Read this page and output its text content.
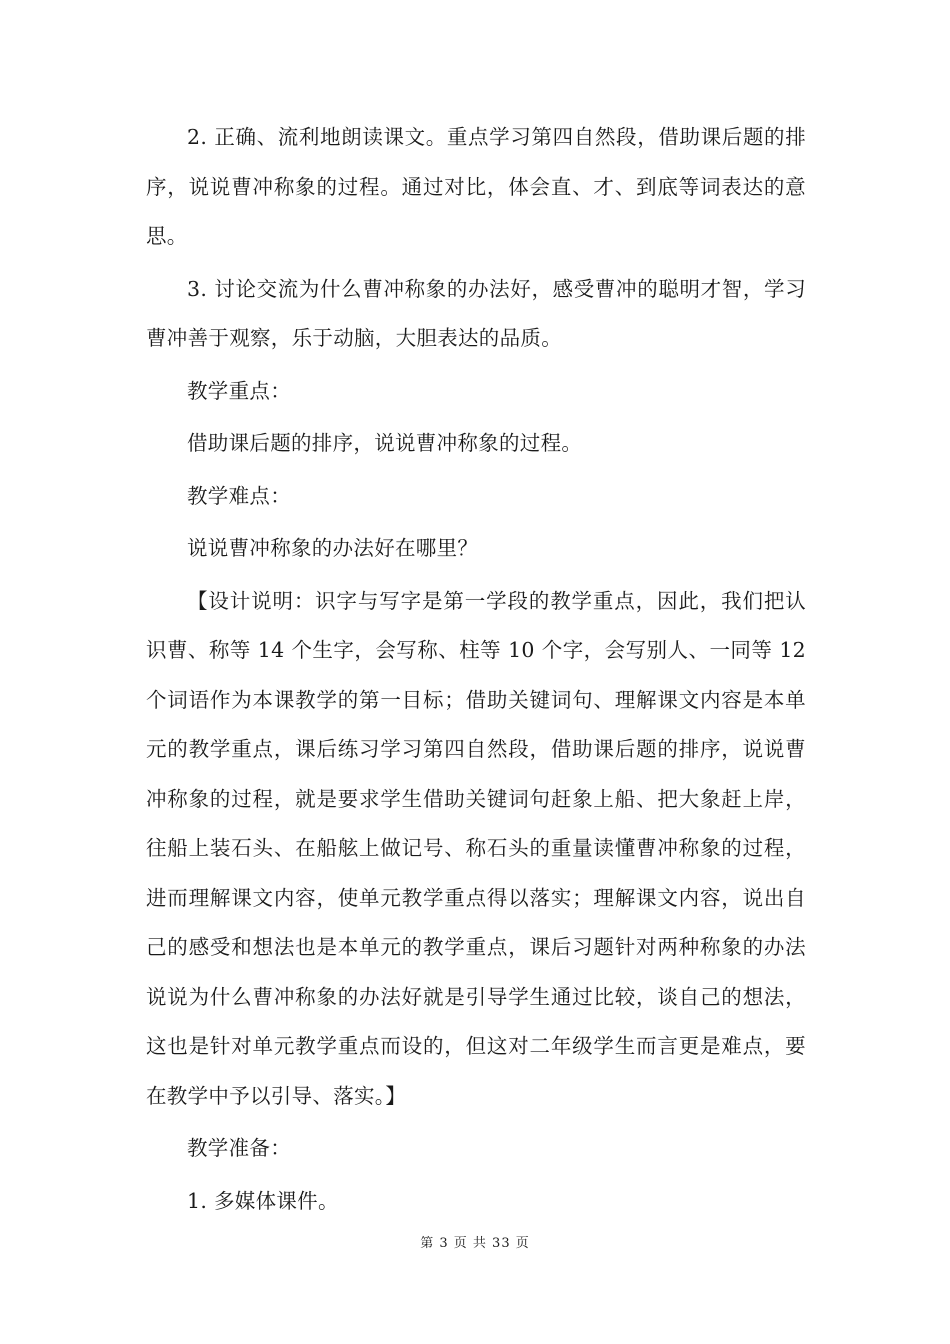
2. 正确、流利地朗读课文。重点学习第四自然段，借助课后题的排序，说说曹冲称象的过程。通过对比，体会直、才、到底等词表达的意思。

3. 讨论交流为什么曹冲称象的办法好，感受曹冲的聪明才智，学习曹冲善于观察，乐于动脑，大胆表达的品质。

教学重点：

借助课后题的排序，说说曹冲称象的过程。

教学难点：

说说曹冲称象的办法好在哪里？

【设计说明：识字与写字是第一学段的教学重点，因此，我们把认识曹、称等 14 个生字，会写称、柱等 10 个字，会写别人、一同等 12 个词语作为本课教学的第一目标；借助关键词句、理解课文内容是本单元的教学重点，课后练习学习第四自然段，借助课后题的排序，说说曹冲称象的过程，就是要求学生借助关键词句赶象上船、把大象赶上岸，往船上装石头、在船舷上做记号、称石头的重量读懂曹冲称象的过程，进而理解课文内容，使单元教学重点得以落实；理解课文内容，说出自己的感受和想法也是本单元的教学重点，课后习题针对两种称象的办法说说为什么曹冲称象的办法好就是引导学生通过比较，谈自己的想法，这也是针对单元教学重点而设的，但这对二年级学生而言更是难点，要在教学中予以引导、落实。】

教学准备：

1. 多媒体课件。

第 3 页 共 33 页
